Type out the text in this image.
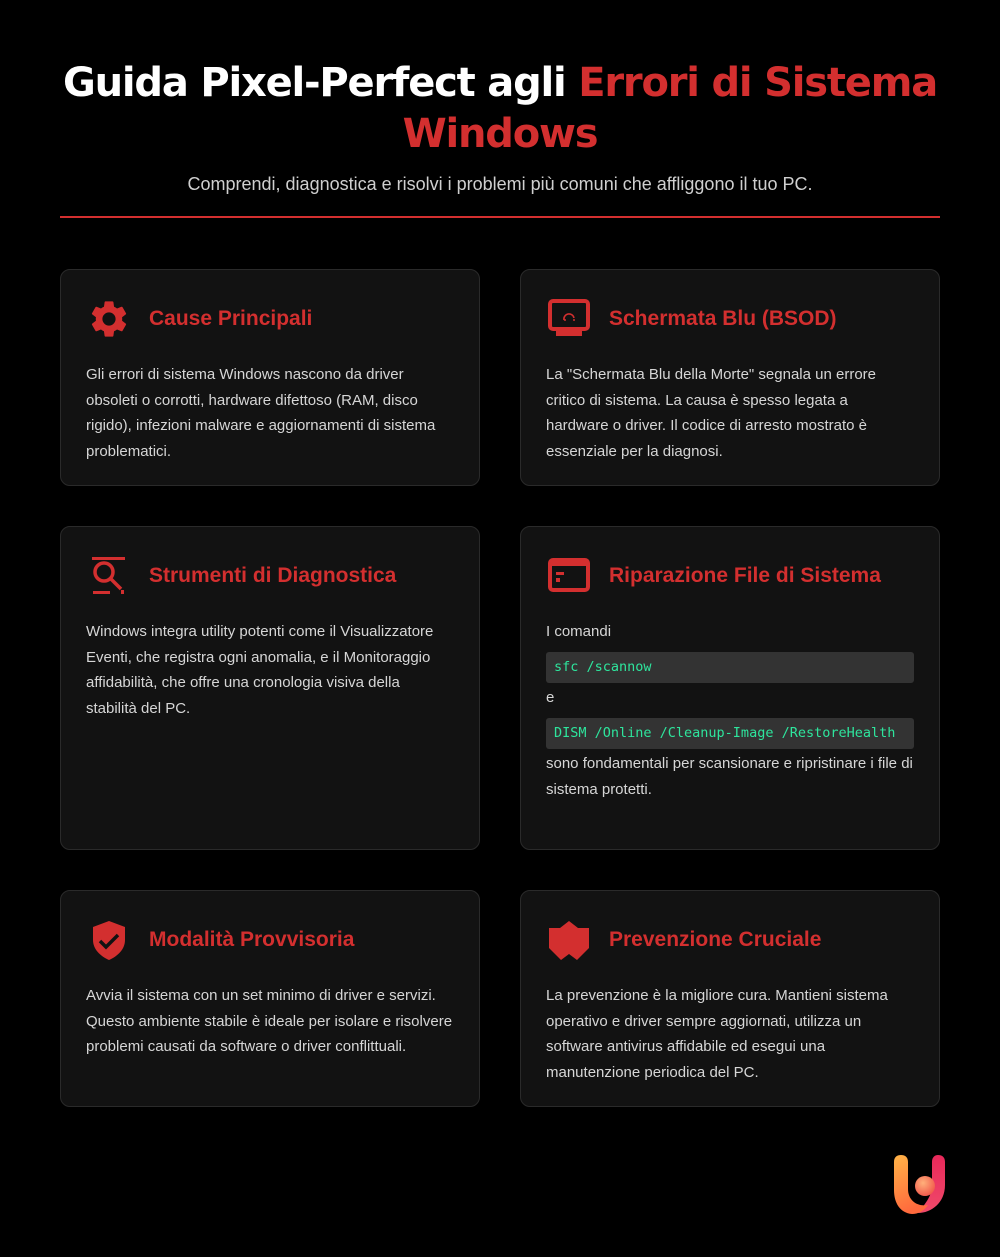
Guida Pixel-Perfect agli Errori di Sistema Windows

Comprendi, diagnostica e risolvi i problemi più comuni che affliggono il tuo PC.

Cause Principali

Gli errori di sistema Windows nascono da driver obsoleti o corrotti, hardware difettoso (RAM, disco rigido), infezioni malware e aggiornamenti di sistema problematici.

Schermata Blu (BSOD)

La "Schermata Blu della Morte" segnala un errore critico di sistema. La causa è spesso legata a hardware o driver. Il codice di arresto mostrato è essenziale per la diagnosi.

Strumenti di Diagnostica

Windows integra utility potenti come il Visualizzatore Eventi, che registra ogni anomalia, e il Monitoraggio affidabilità, che offre una cronologia visiva della stabilità del PC.

Riparazione File di Sistema

I comandi

sfc /scannow

e

DISM /Online /Cleanup-Image /RestoreHealth

sono fondamentali per scansionare e ripristinare i file di sistema protetti.

Modalità Provvisoria

Avvia il sistema con un set minimo di driver e servizi. Questo ambiente stabile è ideale per isolare e risolvere problemi causati da software o driver conflittuali.

Prevenzione Cruciale

La prevenzione è la migliore cura. Mantieni sistema operativo e driver sempre aggiornati, utilizza un software antivirus affidabile ed esegui una manutenzione periodica del PC.
